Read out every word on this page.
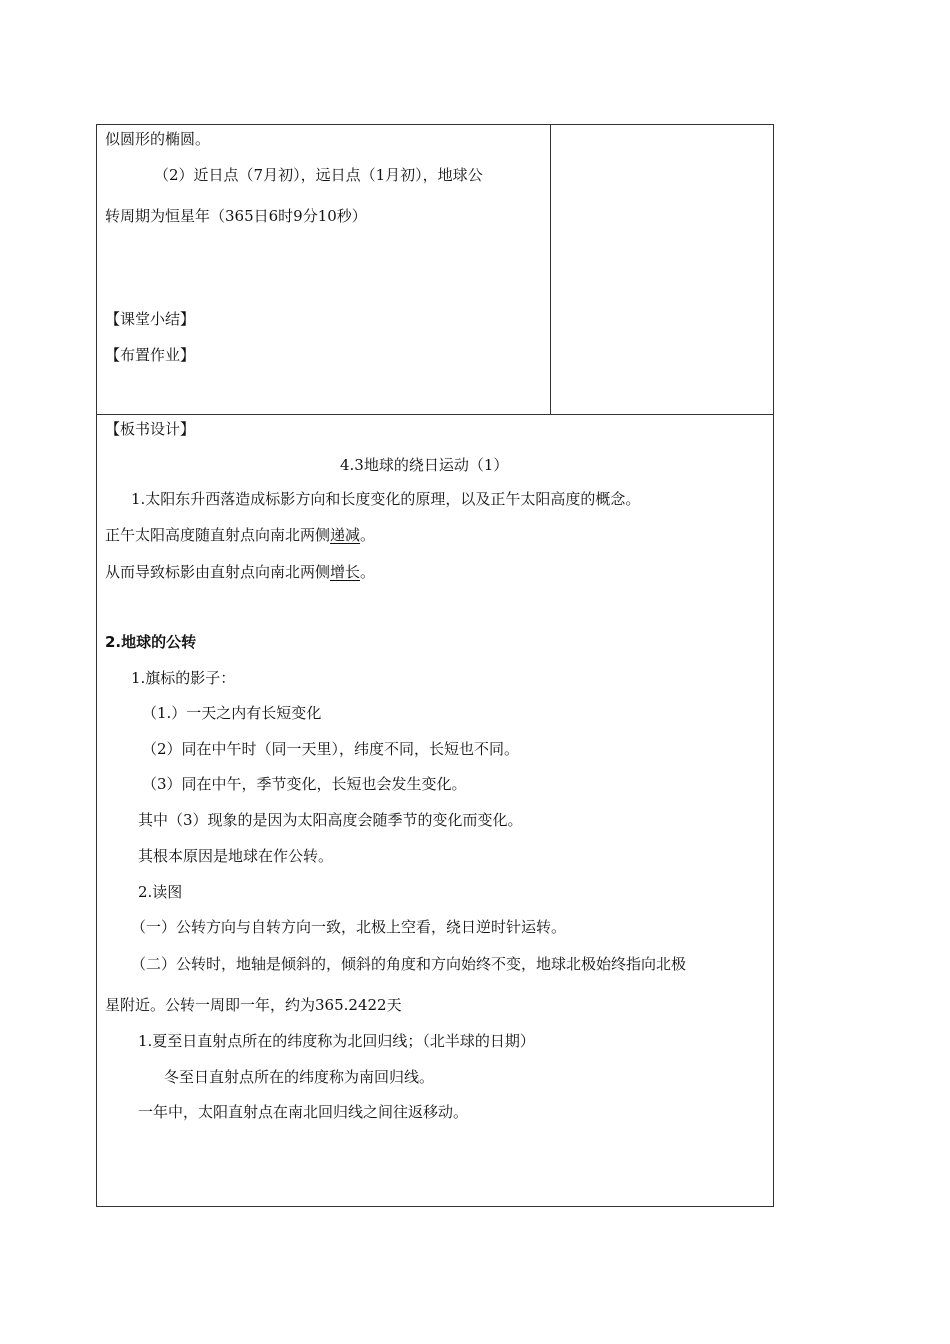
似圆形的椭圆。
（2）近日点（7月初），远日点（1月初），地球公
转周期为恒星年（365日6时9分10秒）
【课堂小结】
【布置作业】
【板书设计】
4.3地球的绕日运动（1）
1.太阳东升西落造成标影方向和长度变化的原理，以及正午太阳高度的概念。
正午太阳高度随直射点向南北两侧递减。
从而导致标影由直射点向南北两侧增长。
2.地球的公转
1.旗标的影子：
（1.）一天之内有长短变化
（2）同在中午时（同一天里），纬度不同，长短也不同。
（3）同在中午，季节变化，长短也会发生变化。
其中（3）现象的是因为太阳高度会随季节的变化而变化。
其根本原因是地球在作公转。
2.读图
（一）公转方向与自转方向一致，北极上空看，绕日逆时针运转。
（二）公转时，地轴是倾斜的，倾斜的角度和方向始终不变，地球北极始终指向北极
星附近。公转一周即一年，约为365.2422天
1.夏至日直射点所在的纬度称为北回归线；（北半球的日期）
冬至日直射点所在的纬度称为南回归线。
一年中，太阳直射点在南北回归线之间往返移动。
